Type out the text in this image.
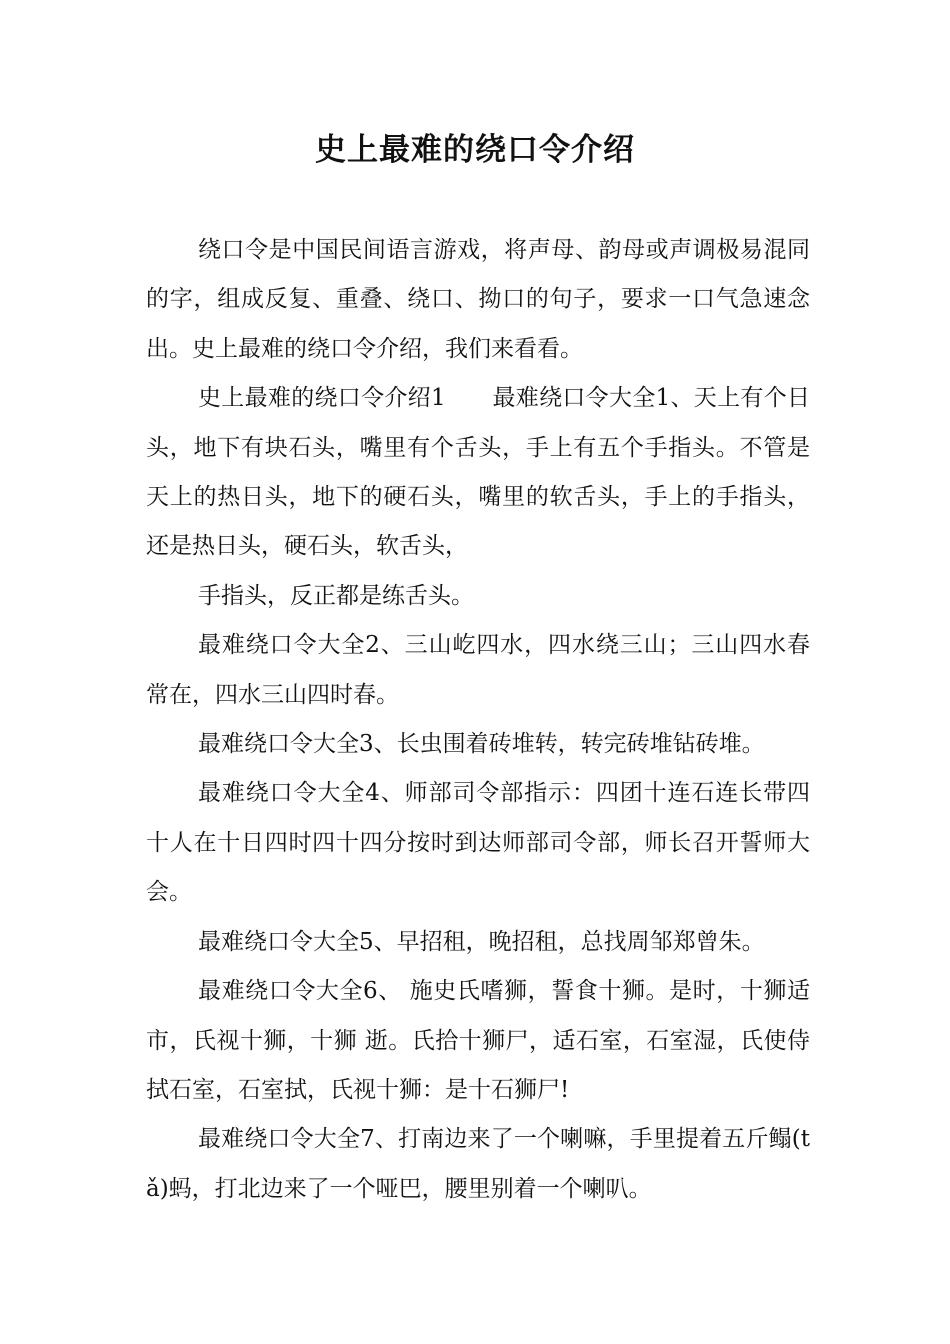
史上最难的绕口令介绍

绕口令是中国民间语言游戏，将声母、韵母或声调极易混同的字，组成反复、重叠、绕口、拗口的句子，要求一口气急速念出。史上最难的绕口令介绍，我们来看看。

史上最难的绕口令介绍1　　最难绕口令大全1、天上有个日头，地下有块石头，嘴里有个舌头，手上有五个手指头。不管是天上的热日头，地下的硬石头，嘴里的软舌头，手上的手指头，还是热日头，硬石头，软舌头，

手指头，反正都是练舌头。

最难绕口令大全2、三山屹四水，四水绕三山；三山四水春常在，四水三山四时春。

最难绕口令大全3、长虫围着砖堆转，转完砖堆钻砖堆。

最难绕口令大全4、师部司令部指示：四团十连石连长带四十人在十日四时四十四分按时到达师部司令部，师长召开誓师大会。

最难绕口令大全5、早招租，晚招租，总找周邹郑曾朱。

最难绕口令大全6、 施史氏嗜狮，誓食十狮。是时，十狮适市，氏视十狮，十狮 逝。氏拾十狮尸，适石室，石室湿，氏使侍拭石室，石室拭，氏视十狮：是十石狮尸!

最难绕口令大全7、打南边来了一个喇嘛，手里提着五斤鳎(tǎ)蚂，打北边来了一个哑巴，腰里别着一个喇叭。
